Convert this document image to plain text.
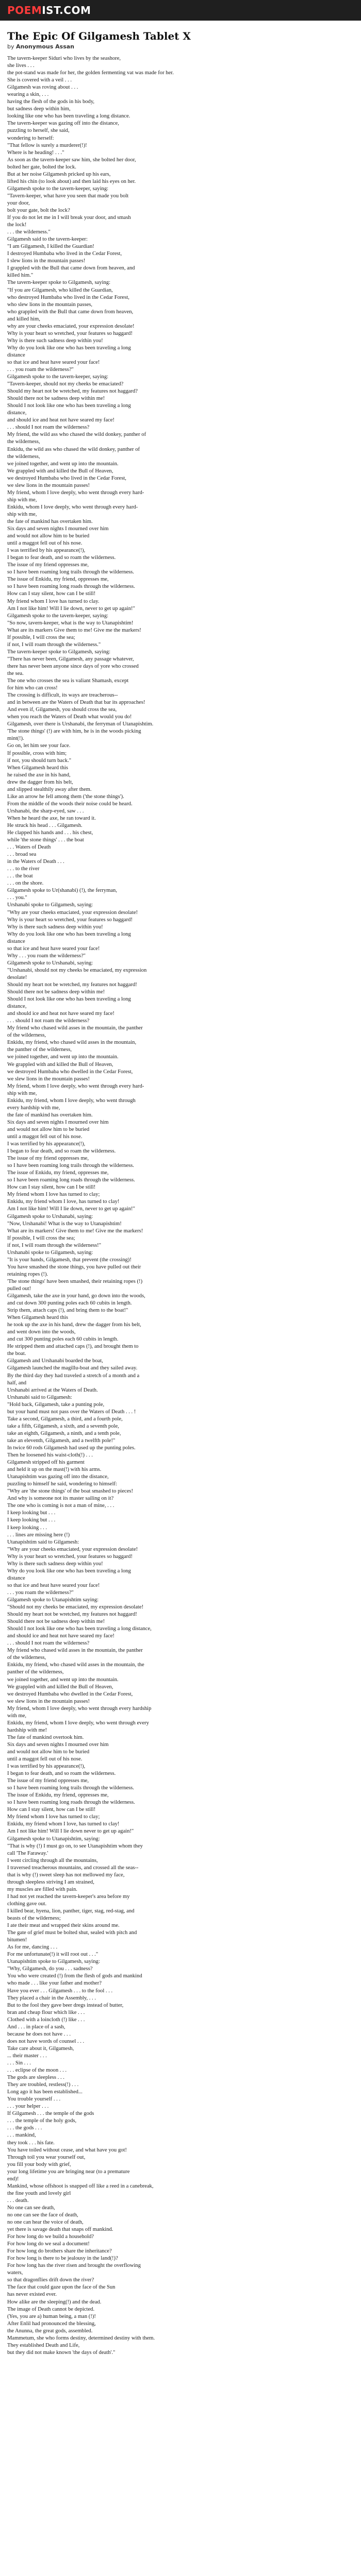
POEMIST.COM
The Epic Of Gilgamesh Tablet X
by Anonymous Assan
The tavern-keeper Siduri who lives by the seashore,
she lives . . .
the pot-stand was made for her, the golden fermenting vat was made for her.
She is covered with a veil . . .
Gilgamesh was roving about . . .
wearing a skin, . . .
having the flesh of the gods in his body,
but sadness deep within him,
looking like one who has been traveling a long distance.
The tavern-keeper was gazing off into the distance,
puzzling to herself, she said,
wondering to herself:
"That fellow is surely a murderer(!)!
Where is he heading! . . ."
As soon as the tavern-keeper saw him, she bolted her door,
bolted her gate, bolted the lock.
But at her noise Gilgamesh pricked up his ears,
lifted his chin (to look about) and then laid his eyes on her.
Gilgamesh spoke to the tavern-keeper, saying:
"Tavern-keeper, what have you seen that made you bolt
your door,
bolt your gate, bolt the lock?
If you do not let me in I will break your door, and smash
the lock!
. . . the wilderness."
Gilgamesh said to the tavern-keeper:
"I am Gilgamesh, I killed the Guardian!
I destroyed Humbaba who lived in the Cedar Forest,
I slew lions in the mountain passes!
I grappled with the Bull that came down from heaven, and
killed him."
The tavern-keeper spoke to Gilgamesh, saying:
"If you are Gilgamesh, who killed the Guardian,
who destroyed Humbaba who lived in the Cedar Forest,
who slew lions in the mountain passes,
who grappled with the Bull that came down from heaven,
and killed him,
why are your cheeks emaciated, your expression desolate!
Why is your heart so wretched, your features so haggard!
Why is there such sadness deep within you!
Why do you look like one who has been traveling a long
distance
so that ice and heat have seared your face!
. . . you roam the wilderness?"
Gilgamesh spoke to the tavern-keeper, saying:
"Tavern-keeper, should not my cheeks be emaciated?
Should my heart not be wretched, my features not haggard?
Should there not be sadness deep within me!
Should I not look like one who has been traveling a long
distance,
and should ice and heat not have seared my face!
. . . should I not roam the wilderness?
My friend, the wild ass who chased the wild donkey, panther of
the wilderness,
Enkidu, the wild ass who chased the wild donkey, panther of
the wilderness,
we joined together, and went up into the mountain.
We grappled with and killed the Bull of Heaven,
we destroyed Humbaba who lived in the Cedar Forest,
we slew lions in the mountain passes!
My friend, whom I love deeply, who went through every hard-
ship with me,
Enkidu, whom I love deeply, who went through every hard-
ship with me,
the fate of mankind has overtaken him.
Six days and seven nights I mourned over him
and would not allow him to be buried
until a maggot fell out of his nose.
I was terrified by his appearance(!),
I began to fear death, and so roam the wilderness.
The issue of my friend oppresses me,
so I have been roaming long trails through the wilderness.
The issue of Enkidu, my friend, oppresses me,
so I have been roaming long roads through the wilderness.
How can I stay silent, how can I be still!
My friend whom I love has turned to clay.
Am I not like him! Will I lie down, never to get up again!"
Gilgamesh spoke to the tavern-keeper, saying:
"So now, tavern-keeper, what is the way to Utanapishtim!
What are its markers Give them to me! Give me the markers!
If possible, I will cross the sea;
if not, I will roam through the wilderness."
The tavern-keeper spoke to Gilgamesh, saying:
"There has never been, Gilgamesh, any passage whatever,
there has never been anyone since days of yore who crossed
the sea.
The one who crosses the sea is valiant Shamash, except
for him who can cross!
The crossing is difficult, its ways are treacherous--
and in between are the Waters of Death that bar its approaches!
And even if, Gilgamesh, you should cross the sea,
when you reach the Waters of Death what would you do!
Gilgamesh, over there is Urshanabi, the ferryman of Utanapishtim.
'The stone things' (!) are with him, he is in the woods picking
mint(!).
Go on, let him see your face.
If possible, cross with him;
if not, you should turn back."
When Gilgamesh heard this
he raised the axe in his hand,
drew the dagger from his belt,
and slipped stealthily away after them.
Like an arrow he fell among them ('the stone things').
From the middle of the woods their noise could be heard.
Urshanabi, the sharp-eyed, saw . . .
When he heard the axe, he ran toward it.
He struck his head . . . Gilgamesh.
He clapped his hands and . . . his chest,
while 'the stone things' . . . the boat
. . . Waters of Death
. . . broad sea
in the Waters of Death . . .
. . . to the river
. . . the boat
. . . on the shore.
Gilgamesh spoke to Ur(shanabi) (!), the ferryman,
. . . you."
Urshanabi spoke to Gilgamesh, saying:
"Why are your cheeks emaciated, your expression desolate!
Why is your heart so wretched, your features so haggard!
Why is there such sadness deep within you!
Why do you look like one who has been traveling a long
distance
so that ice and heat have seared your face!
Why . . . you roam the wilderness?"
Gilgamesh spoke to Urshanabi, saying:
"Urshanabi, should not my cheeks be emaciated, my expression
desolate!
Should my heart not be wretched, my features not haggard!
Should there not be sadness deep within me!
Should I not look like one who has been traveling a long
distance,
and should ice and heat not have seared my face!
. . . should I not roam the wilderness?
My friend who chased wild asses in the mountain, the panther
of the wilderness,
Enkidu, my friend, who chased wild asses in the mountain,
the panther of the wilderness,
we joined together, and went up into the mountain.
We grappled with and killed the Bull of Heaven,
we destroyed Humbaba who dwelled in the Cedar Forest,
we slew lions in the mountain passes!
My friend, whom I love deeply, who went through every hard-
ship with me,
Enkidu, my friend, whom I love deeply, who went through
every hardship with me,
the fate of mankind has overtaken him.
Six days and seven nights I mourned over him
and would not allow him to be buried
until a maggot fell out of his nose.
I was terrified by his appearance(!),
I began to fear death, and so roam the wilderness.
The issue of my friend oppresses me,
so I have been roaming long trails through the wilderness.
The issue of Enkidu, my friend, oppresses me,
so I have been roaming long roads through the wilderness.
How can I stay silent, how can I be still!
My friend whom I love has turned to clay;
Enkidu, my friend whom I love, has turned to clay!
Am I not like him! Will I lie down, never to get up again!"
Gilgamesh spoke to Urshanabi, saying:
"Now, Urshanabi! What is the way to Utanapishtim!
What are its markers! Give them to me! Give me the markers!
If possible, I will cross the sea;
if not, I will roam through the wilderness!"
Urshanabi spoke to Gilgamesh, saying:
"It is your hands, Gilgamesh, that prevent (the crossing)!
You have smashed the stone things, you have pulled out their
retaining ropes (!).
'The stone things' have been smashed, their retaining ropes (!)
pulled out!
Gilgamesh, take the axe in your hand, go down into the woods,
and cut down 300 punting poles each 60 cubits in length.
Strip them, attach caps (!), and bring them to the boat!"
When Gilgamesh heard this
he took up the axe in his hand, drew the dagger from his belt,
and went down into the woods,
and cut 300 punting poles each 60 cubits in length.
He stripped them and attached caps (!), and brought them to
the boat.
Gilgamesh and Urshanabi boarded the boat,
Gilgamesh launched the magillu-boat and they sailed away.
By the third day they had traveled a stretch of a month and a
half, and
Urshanabi arrived at the Waters of Death.
Urshanabi said to Gilgamesh:
"Hold back, Gilgamesh, take a punting pole,
but your hand must not pass over the Waters of Death . . . !
Take a second, Gilgamesh, a third, and a fourth pole,
take a fifth, Gilgamesh, a sixth, and a seventh pole,
take an eighth, Gilgamesh, a ninth, and a tenth pole,
take an eleventh, Gilgamesh, and a twelfth pole!"
In twice 60 rods Gilgamesh had used up the punting poles.
Then he loosened his waist-cloth(!) . . .
Gilgamesh stripped off his garment
and held it up on the mast(!) with his arms.
Utanapishtim was gazing off into the distance,
puzzling to himself he said, wondering to himself:
"Why are 'the stone things' of the boat smashed to pieces!
And why is someone not its master sailing on it?
The one who is coming is not a man of mine, . . .
I keep looking but . . .
I keep looking but . . .
I keep looking . . .
. . . lines are missing here (!)
Utanapishtim said to Gilgamesh:
"Why are your cheeks emaciated, your expression desolate!
Why is your heart so wretched, your features so haggard!
Why is there such sadness deep within you!
Why do you look like one who has been traveling a long
distance
so that ice and heat have seared your face!
. . . you roam the wilderness?"
Gilgamesh spoke to Utanapishtim saying:
"Should not my cheeks be emaciated, my expression desolate!
Should my heart not be wretched, my features not haggard!
Should there not be sadness deep within me!
Should I not look like one who has been traveling a long distance,
and should ice and heat not have seared my face!
. . . should I not roam the wilderness?
My friend who chased wild asses in the mountain, the panther
of the wilderness,
Enkidu, my friend, who chased wild asses in the mountain, the
panther of the wilderness,
we joined together, and went up into the mountain.
We grappled with and killed the Bull of Heaven,
we destroyed Humbaba who dwelled in the Cedar Forest,
we slew lions in the mountain passes!
My friend, whom I love deeply, who went through every hardship
with me,
Enkidu, my friend, whom I love deeply, who went through every
hardship with me!
The fate of mankind overtook him.
Six days and seven nights I mourned over him
and would not allow him to be buried
until a maggot fell out of his nose.
I was terrified by his appearance(!),
I began to fear death, and so roam the wilderness.
The issue of my friend oppresses me,
so I have been roaming long trails through the wilderness.
The issue of Enkidu, my friend, oppresses me,
so I have been roaming long roads through the wilderness.
How can I stay silent, how can I be still!
My friend whom I love has turned to clay;
Enkidu, my friend whom I love, has turned to clay!
Am I not like him! Will I lie down never to get up again!"
Gilgamesh spoke to Utanapishtim, saying:
"That is why (!) I must go on, to see Utanapishtim whom they
call 'The Faraway.'
I went circling through all the mountains,
I traversed treacherous mountains, and crossed all the seas--
that is why (!) sweet sleep has not mellowed my face,
through sleepless striving I am strained,
my muscles are filled with pain.
I had not yet reached the tavern-keeper's area before my
clothing gave out.
I killed bear, hyena, lion, panther, tiger, stag, red-stag, and
beasts of the wilderness;
I ate their meat and wrapped their skins around me.
The gate of grief must be bolted shut, sealed with pitch and
bitumen!
As for me, dancing . . .
For me unfortunate(!) it will root out . . ."
Utanapishtim spoke to Gilgamesh, saying:
"Why, Gilgamesh, do you . . . sadness?
You who were created (!) from the flesh of gods and mankind
who made . . . like your father and mother?
Have you ever . . . Gilgamesh . . . to the fool . . .
They placed a chair in the Assembly, . . .
But to the fool they gave beer dregs instead of butter,
bran and cheap flour which like . . .
Clothed with a loincloth (!) like . . .
And . . . in place of a sash,
because he does not have . . .
does not have words of counsel . . .
Take care about it, Gilgamesh,
... their master . . .
. . . Sin . . .
. . . eclipse of the moon . . .
The gods are sleepless . . .
They are troubled, restless(!) . . .
Long ago it has been established...
You trouble yourself . . .
. . . your helper . . .
If Gilgamesh . . . the temple of the gods
. . . the temple of the holy gods,
. . . the gods . . .
. . . mankind,
they took . . . his fate.
You have toiled without cease, and what have you got!
Through toil you wear yourself out,
you fill your body with grief,
your long lifetime you are bringing near (to a premature
end)!
Mankind, whose offshoot is snapped off like a reed in a canebreak,
the fine youth and lovely girl
. . . death.
No one can see death,
no one can see the face of death,
no one can hear the voice of death,
yet there is savage death that snaps off mankind.
For how long do we build a household?
For how long do we seal a document!
For how long do brothers share the inheritance?
For how long is there to be jealousy in the land(!)?
For how long has the river risen and brought the overflowing
waters,
so that dragonflies drift down the river?
The face that could gaze upon the face of the Sun
has never existed ever.
How alike are the sleeping(!) and the dead.
The image of Death cannot be depicted.
(Yes, you are a) human being, a man (!)!
After Enlil had pronounced the blessing,
the Anunna, the great gods, assembled.
Mammetum, she who forms destiny, determined destiny with them.
They established Death and Life,
but they did not make known 'the days of death'."
